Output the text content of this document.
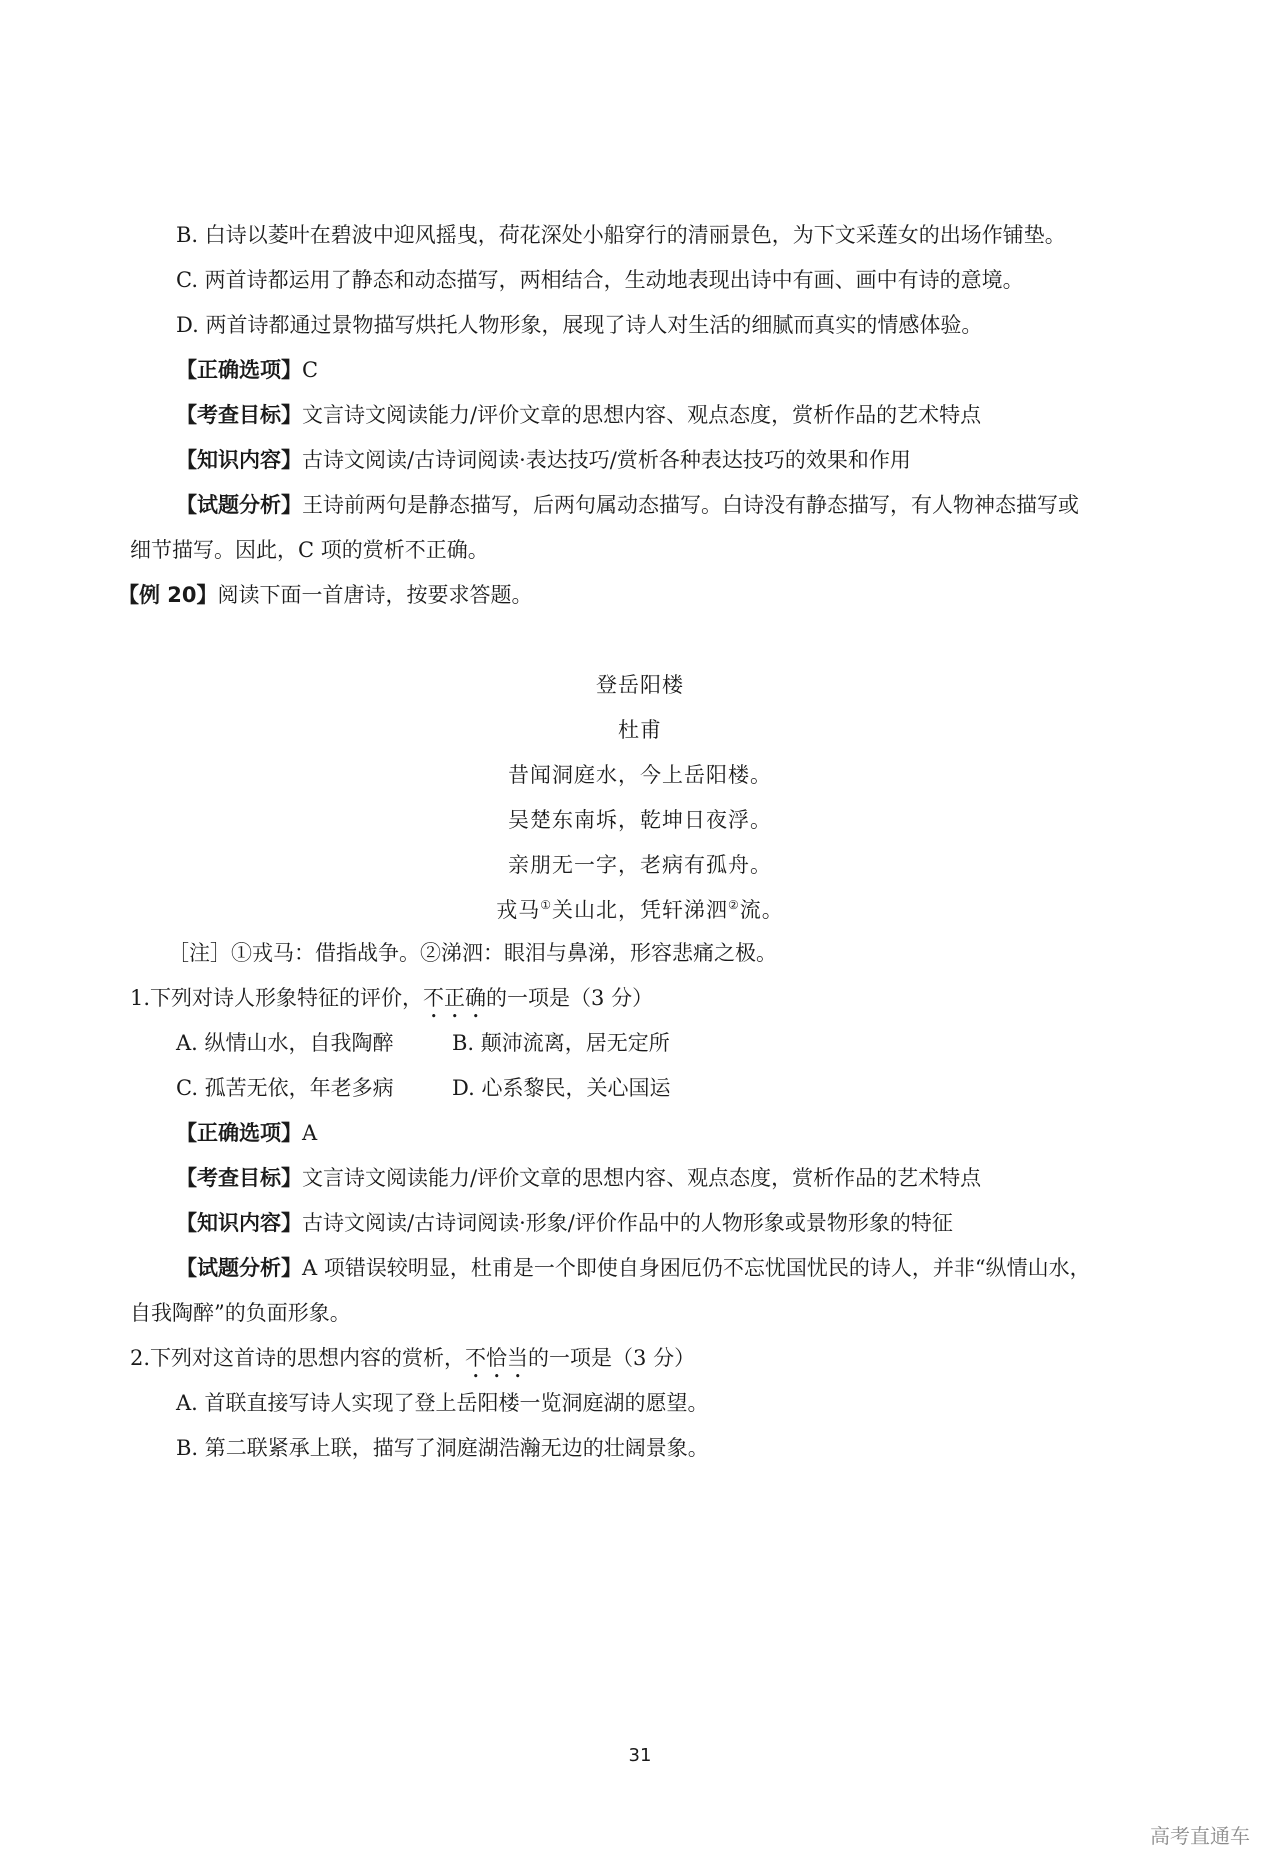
B. 白诗以菱叶在碧波中迎风摇曳，荷花深处小船穿行的清丽景色，为下文采莲女的出场作铺垫。
C. 两首诗都运用了静态和动态描写，两相结合，生动地表现出诗中有画、画中有诗的意境。
D. 两首诗都通过景物描写烘托人物形象，展现了诗人对生活的细腻而真实的情感体验。
【正确选项】C
【考查目标】文言诗文阅读能力/评价文章的思想内容、观点态度，赏析作品的艺术特点
【知识内容】古诗文阅读/古诗词阅读·表达技巧/赏析各种表达技巧的效果和作用
【试题分析】王诗前两句是静态描写，后两句属动态描写。白诗没有静态描写，有人物神态描写或
细节描写。因此，C 项的赏析不正确。
【例 20】阅读下面一首唐诗，按要求答题。
登岳阳楼
杜甫
昔闻洞庭水，今上岳阳楼。
吴楚东南坼，乾坤日夜浮。
亲朋无一字，老病有孤舟。
戎马①关山北，凭轩涕泗②流。
［注］①戎马：借指战争。②涕泗：眼泪与鼻涕，形容悲痛之极。
1.下列对诗人形象特征的评价，不正确的一项是（3 分）
A. 纵情山水，自我陶醉	B. 颠沛流离，居无定所
C. 孤苦无依，年老多病	D. 心系黎民，关心国运
【正确选项】A
【考查目标】文言诗文阅读能力/评价文章的思想内容、观点态度，赏析作品的艺术特点
【知识内容】古诗文阅读/古诗词阅读·形象/评价作品中的人物形象或景物形象的特征
【试题分析】A 项错误较明显，杜甫是一个即使自身困厄仍不忘忧国忧民的诗人，并非“纵情山水，
自我陶醉”的负面形象。
2.下列对这首诗的思想内容的赏析，不恰当的一项是（3 分）
A. 首联直接写诗人实现了登上岳阳楼一览洞庭湖的愿望。
B. 第二联紧承上联，描写了洞庭湖浩瀚无边的壮阔景象。
31
高考直通车
